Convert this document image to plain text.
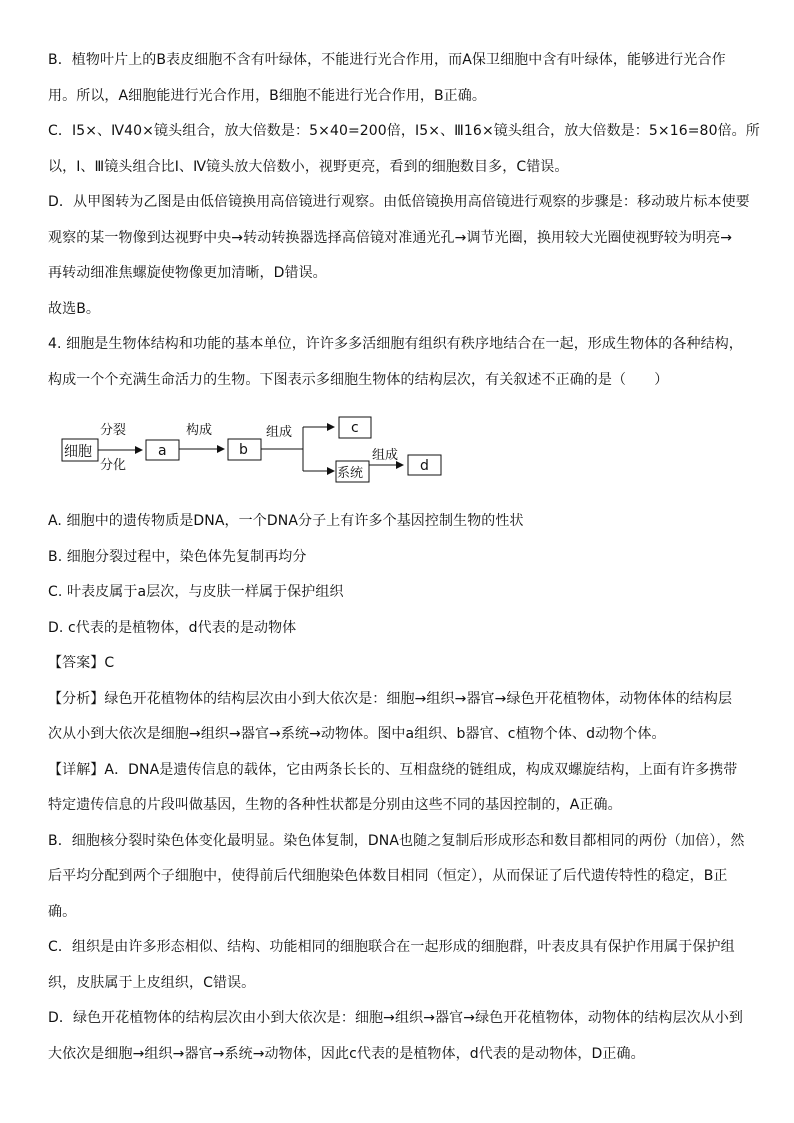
B．植物叶片上的B表皮细胞不含有叶绿体，不能进行光合作用，而A保卫细胞中含有叶绿体，能够进行光合作
用。所以，A细胞能进行光合作用，B细胞不能进行光合作用，B正确。
C．Ⅰ5×、Ⅳ40×镜头组合，放大倍数是：5×40=200倍，Ⅰ5×、Ⅲ16×镜头组合，放大倍数是：5×16=80倍。所
以，Ⅰ、Ⅲ镜头组合比Ⅰ、Ⅳ镜头放大倍数小，视野更亮，看到的细胞数目多，C错误。
D．从甲图转为乙图是由低倍镜换用高倍镜进行观察。由低倍镜换用高倍镜进行观察的步骤是：移动玻片标本使要
观察的某一物像到达视野中央→转动转换器选择高倍镜对准通光孔→调节光圈，换用较大光圈使视野较为明亮→
再转动细准焦螺旋使物像更加清晰，D错误。
故选B。
4. 细胞是生物体结构和功能的基本单位，许许多多活细胞有组织有秩序地结合在一起，形成生物体的各种结构，
构成一个个充满生命活力的生物。下图表示多细胞生物体的结构层次，有关叙述不正确的是（　　）
细胞
分裂
分化
a
构成
b
组成	c
系统
组成
d
A. 细胞中的遗传物质是DNA，一个DNA分子上有许多个基因控制生物的性状
B. 细胞分裂过程中，染色体先复制再均分
C. 叶表皮属于a层次，与皮肤一样属于保护组织
D. c代表的是植物体，d代表的是动物体
【答案】C
【分析】绿色开花植物体的结构层次由小到大依次是：细胞→组织→器官→绿色开花植物体，动物体体的结构层
次从小到大依次是细胞→组织→器官→系统→动物体。图中a组织、b器官、c植物个体、d动物个体。
【详解】A．DNA是遗传信息的载体，它由两条长长的、互相盘绕的链组成，构成双螺旋结构，上面有许多携带
特定遗传信息的片段叫做基因，生物的各种性状都是分别由这些不同的基因控制的，A正确。
B．细胞核分裂时染色体变化最明显。染色体复制，DNA也随之复制后形成形态和数目都相同的两份（加倍），然
后平均分配到两个子细胞中，使得前后代细胞染色体数目相同（恒定），从而保证了后代遗传特性的稳定，B正
确。
C．组织是由许多形态相似、结构、功能相同的细胞联合在一起形成的细胞群，叶表皮具有保护作用属于保护组
织，皮肤属于上皮组织，C错误。
D．绿色开花植物体的结构层次由小到大依次是：细胞→组织→器官→绿色开花植物体，动物体的结构层次从小到
大依次是细胞→组织→器官→系统→动物体，因此c代表的是植物体，d代表的是动物体，D正确。
